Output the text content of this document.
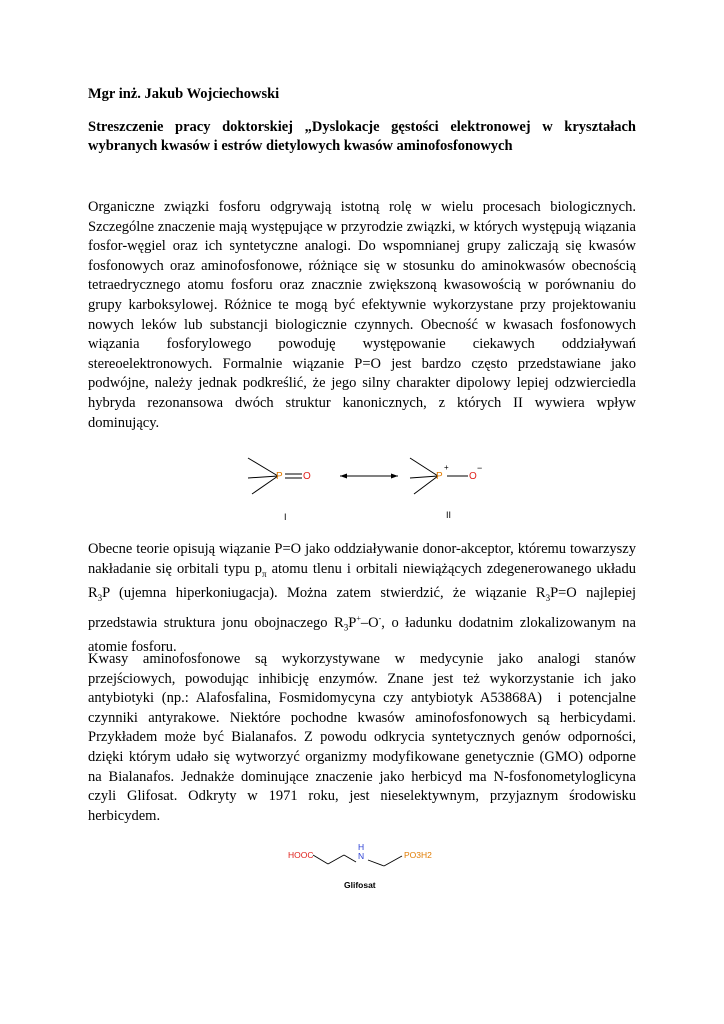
Mgr inż. Jakub Wojciechowski
Streszczenie pracy doktorskiej „Dyslokacje gęstości elektronowej w kryształach wybranych kwasów i estrów dietylowych kwasów aminofosfonowych
Organiczne związki fosforu odgrywają istotną rolę w wielu procesach biologicznych. Szczególne znaczenie mają występujące w przyrodzie związki, w których występują wiązania fosfor-węgiel oraz ich syntetyczne analogi. Do wspomnianej grupy zaliczają się kwasów fosfonowych oraz aminofosfonowe, różniące się w stosunku do aminokwasów obecnością tetraedrycznego atomu fosforu oraz znacznie zwiększoną kwasowością w porównaniu do grupy karboksylowej. Różnice te mogą być efektywnie wykorzystane przy projektowaniu nowych leków lub substancji biologicznie czynnych. Obecność w kwasach fosfonowych wiązania fosforylowego powoduję występowanie ciekawych oddziaływań stereoelektronowych. Formalnie wiązanie P=O jest bardzo często przedstawiane jako podwójne, należy jednak podkreślić, że jego silny charakter dipolowy lepiej odzwierciedla hybryda rezonansowa dwóch struktur kanonicznych, z których II wywiera wpływ dominujący.
P O	P
+
O
−
I	II
Obecne teorie opisują wiązanie P=O jako oddziaływanie donor-akceptor, któremu towarzyszy nakładanie się orbitali typu $p_\pi$ atomu tlenu i orbitali niewiążących zdegenerowanego układu $R_3P$ (ujemna hiperkoniugacja). Można zatem stwierdzić, że wiązanie $R_3P=O$ najlepiej przedstawia struktura jonu obojnaczego $R_3P^+-O^-$, o ładunku dodatnim zlokalizowanym na atomie fosforu.
Kwasy aminofosfonowe są wykorzystywane w medycynie jako analogi stanów przejściowych, powodując inhibicję enzymów. Znane jest też wykorzystanie ich jako antybiotyki (np.: Alafosfalina, Fosmidomycyna czy antybiotyk A53868A)  i potencjalne czynniki antyrakowe. Niektóre pochodne kwasów aminofosfonowych są herbicydami. Przykładem może być Bialanafos. Z powodu odkrycia syntetycznych genów odporności, dzięki którym udało się wytworzyć organizmy modyfikowane genetycznie (GMO) odporne na Bialanafos. Jednakże dominujące znaczenie jako herbicyd ma N-fosfonometyloglicyna czyli Glifosat. Odkryty w 1971 roku, jest nieselektywnym, przyjaznym środowisku herbicydem.
HOOC
H
N	PO3H2
Glifosat
